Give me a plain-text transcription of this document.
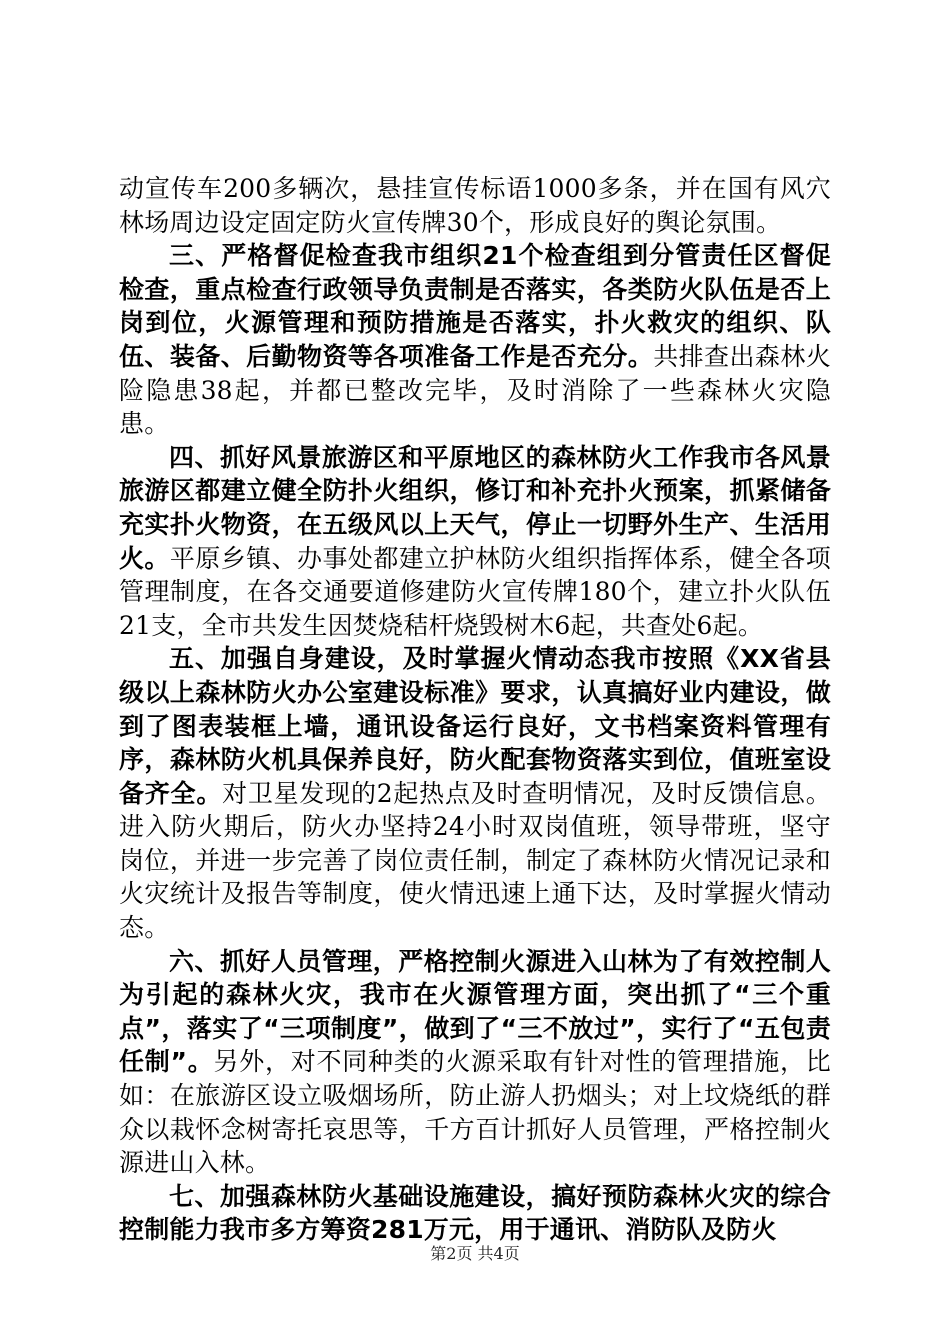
动宣传车200多辆次，悬挂宣传标语1000多条，并在国有风穴林场周边设定固定防火宣传牌30个，形成良好的舆论氛围。

三、严格督促检查我市组织21个检查组到分管责任区督促检查，重点检查行政领导负责制是否落实，各类防火队伍是否上岗到位，火源管理和预防措施是否落实，扑火救灾的组织、队伍、装备、后勤物资等各项准备工作是否充分。共排查出森林火险隐患38起，并都已整改完毕，及时消除了一些森林火灾隐患。

四、抓好风景旅游区和平原地区的森林防火工作我市各风景旅游区都建立健全防扑火组织，修订和补充扑火预案，抓紧储备充实扑火物资，在五级风以上天气，停止一切野外生产、生活用火。平原乡镇、办事处都建立护林防火组织指挥体系，健全各项管理制度，在各交通要道修建防火宣传牌180个，建立扑火队伍21支，全市共发生因焚烧秸杆烧毁树木6起，共查处6起。

五、加强自身建设，及时掌握火情动态我市按照《XX省县级以上森林防火办公室建设标准》要求，认真搞好业内建设，做到了图表装框上墙，通讯设备运行良好，文书档案资料管理有序，森林防火机具保养良好，防火配套物资落实到位，值班室设备齐全。对卫星发现的2起热点及时查明情况，及时反馈信息。进入防火期后，防火办坚持24小时双岗值班，领导带班，坚守岗位，并进一步完善了岗位责任制，制定了森林防火情况记录和火灾统计及报告等制度，使火情迅速上通下达，及时掌握火情动态。

六、抓好人员管理，严格控制火源进入山林为了有效控制人为引起的森林火灾，我市在火源管理方面，突出抓了“三个重点”，落实了“三项制度”，做到了“三不放过”，实行了“五包责任制”。另外，对不同种类的火源采取有针对性的管理措施，比如：在旅游区设立吸烟场所，防止游人扔烟头；对上坟烧纸的群众以栽怀念树寄托哀思等，千方百计抓好人员管理，严格控制火源进山入林。

七、加强森林防火基础设施建设，搞好预防森林火灾的综合控制能力我市多方筹资281万元，用于通讯、消防队及防火

第2页 共4页
